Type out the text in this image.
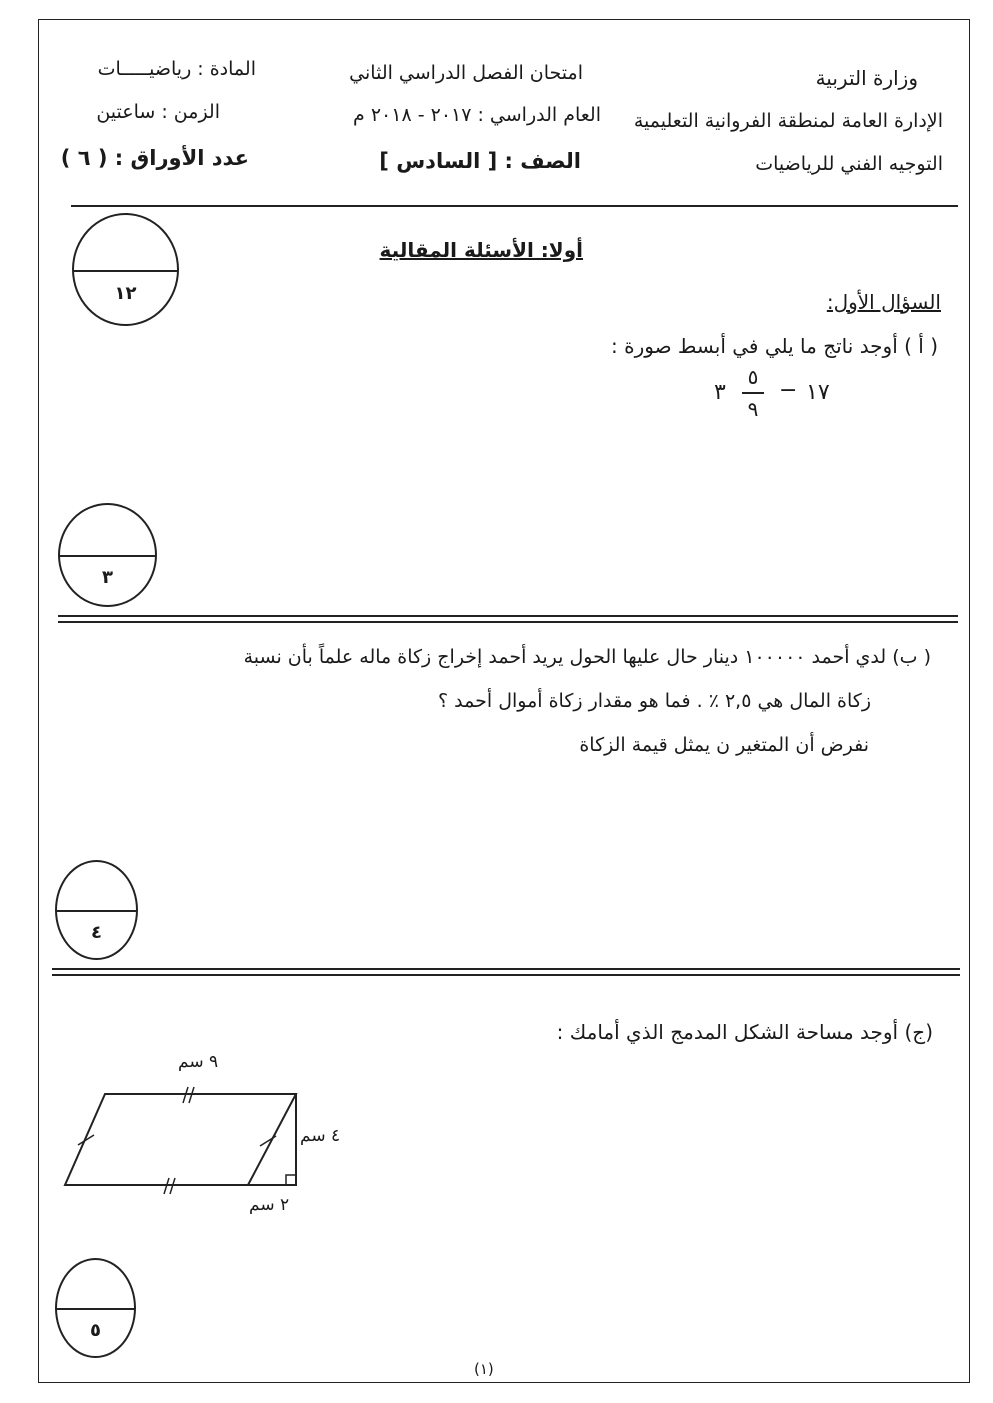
وزارة التربية
الإدارة العامة لمنطقة الفروانية التعليمية
التوجيه الفني للرياضيات
امتحان الفصل الدراسي الثاني
العام الدراسي : ٢٠١٧ - ٢٠١٨ م
الصف : [ السادس ]
المادة : رياضيـــــات
الزمن : ساعتين
عدد الأوراق : ( ٦ )
١٢
أولا: الأسئلة المقالية
السؤال الأول:
( أ ) أوجد ناتج ما يلي في أبسط صورة :
١٧
−
٥
٩
٣
٣
( ب) لدي أحمد ١٠٠٠٠٠ دينار حال عليها الحول يريد أحمد إخراج زكاة ماله علماً بأن نسبة
زكاة المال هي ٢,٥ ٪ . فما هو مقدار زكاة أموال أحمد ؟
نفرض أن المتغير ن يمثل قيمة الزكاة
٤
(ج) أوجد مساحة الشكل المدمج الذي أمامك :
٩ سم
٤ سم
٢ سم
٥
(١)
